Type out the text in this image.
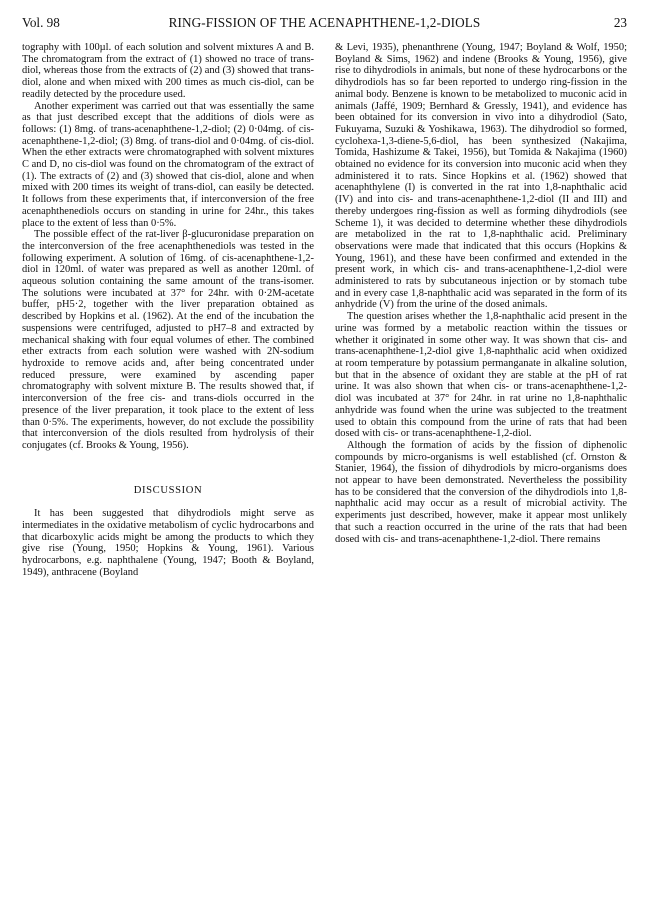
Vol. 98	RING-FISSION OF THE ACENAPHTHENE-1,2-DIOLS	23

tography with 100µl. of each solution and solvent mixtures A and B. The chromatogram from the extract of (1) showed no trace of trans-diol, whereas those from the extracts of (2) and (3) showed that trans-diol, alone and when mixed with 200 times as much cis-diol, can be readily detected by the procedure used.

Another experiment was carried out that was essentially the same as that just described except that the additions of diols were as follows: (1) 8mg. of trans-acenaphthene-1,2-diol; (2) 0·04mg. of cis-acenaphthene-1,2-diol; (3) 8mg. of trans-diol and 0·04mg. of cis-diol. When the ether extracts were chromatographed with solvent mixtures C and D, no cis-diol was found on the chromatogram of the extract of (1). The extracts of (2) and (3) showed that cis-diol, alone and when mixed with 200 times its weight of trans-diol, can easily be detected. It follows from these experiments that, if interconversion of the free acenaphthenediols occurs on standing in urine for 24hr., this takes place to the extent of less than 0·5%.

The possible effect of the rat-liver β-glucuronidase preparation on the interconversion of the free acenaphthenediols was tested in the following experiment. A solution of 16mg. of cis-acenaphthene-1,2-diol in 120ml. of water was prepared as well as another 120ml. of aqueous solution containing the same amount of the trans-isomer. The solutions were incubated at 37° for 24hr. with 0·2M-acetate buffer, pH5·2, together with the liver preparation obtained as described by Hopkins et al. (1962). At the end of the incubation the suspensions were centrifuged, adjusted to pH7–8 and extracted by mechanical shaking with four equal volumes of ether. The combined ether extracts from each solution were washed with 2N-sodium hydroxide to remove acids and, after being concentrated under reduced pressure, were examined by ascending paper chromatography with solvent mixture B. The results showed that, if interconversion of the free cis- and trans-diols occurred in the presence of the liver preparation, it took place to the extent of less than 0·5%. The experiments, however, do not exclude the possibility that interconversion of the diols resulted from hydrolysis of their conjugates (cf. Brooks & Young, 1956).

DISCUSSION

It has been suggested that dihydrodiols might serve as intermediates in the oxidative metabolism of cyclic hydrocarbons and that dicarboxylic acids might be among the products to which they give rise (Young, 1950; Hopkins & Young, 1961). Various hydrocarbons, e.g. naphthalene (Young, 1947; Booth & Boyland, 1949), anthracene (Boyland

& Levi, 1935), phenanthrene (Young, 1947; Boyland & Wolf, 1950; Boyland & Sims, 1962) and indene (Brooks & Young, 1956), give rise to dihydrodiols in animals, but none of these hydrocarbons or the dihydrodiols has so far been reported to undergo ring-fission in the animal body. Benzene is known to be metabolized to muconic acid in animals (Jaffé, 1909; Bernhard & Gressly, 1941), and evidence has been obtained for its conversion in vivo into a dihydrodiol (Sato, Fukuyama, Suzuki & Yoshikawa, 1963). The dihydrodiol so formed, cyclohexa-1,3-diene-5,6-diol, has been synthesized (Nakajima, Tomida, Hashizume & Takei, 1956), but Tomida & Nakajima (1960) obtained no evidence for its conversion into muconic acid when they administered it to rats. Since Hopkins et al. (1962) showed that acenaphthylene (I) is converted in the rat into 1,8-naphthalic acid (IV) and into cis- and trans-acenaphthene-1,2-diol (II and III) and thereby undergoes ring-fission as well as forming dihydrodiols (see Scheme 1), it was decided to determine whether these dihydrodiols are metabolized in the rat to 1,8-naphthalic acid. Preliminary observations were made that indicated that this occurs (Hopkins & Young, 1961), and these have been confirmed and extended in the present work, in which cis- and trans-acenaphthene-1,2-diol were administered to rats by subcutaneous injection or by stomach tube and in every case 1,8-naphthalic acid was separated in the form of its anhydride (V) from the urine of the dosed animals.

The question arises whether the 1,8-naphthalic acid present in the urine was formed by a metabolic reaction within the tissues or whether it originated in some other way. It was shown that cis- and trans-acenaphthene-1,2-diol give 1,8-naphthalic acid when oxidized at room temperature by potassium permanganate in alkaline solution, but that in the absence of oxidant they are stable at the pH of rat urine. It was also shown that when cis- or trans-acenaphthene-1,2-diol was incubated at 37° for 24hr. in rat urine no 1,8-naphthalic anhydride was found when the urine was subjected to the treatment used to obtain this compound from the urine of rats that had been dosed with cis- or trans-acenaphthene-1,2-diol.

Although the formation of acids by the fission of diphenolic compounds by micro-organisms is well established (cf. Ornston & Stanier, 1964), the fission of dihydrodiols by micro-organisms does not appear to have been demonstrated. Nevertheless the possibility has to be considered that the conversion of the dihydrodiols into 1,8-naphthalic acid may occur as a result of microbial activity. The experiments just described, however, make it appear most unlikely that such a reaction occurred in the urine of the rats that had been dosed with cis- and trans-acenaphthene-1,2-diol. There remains
